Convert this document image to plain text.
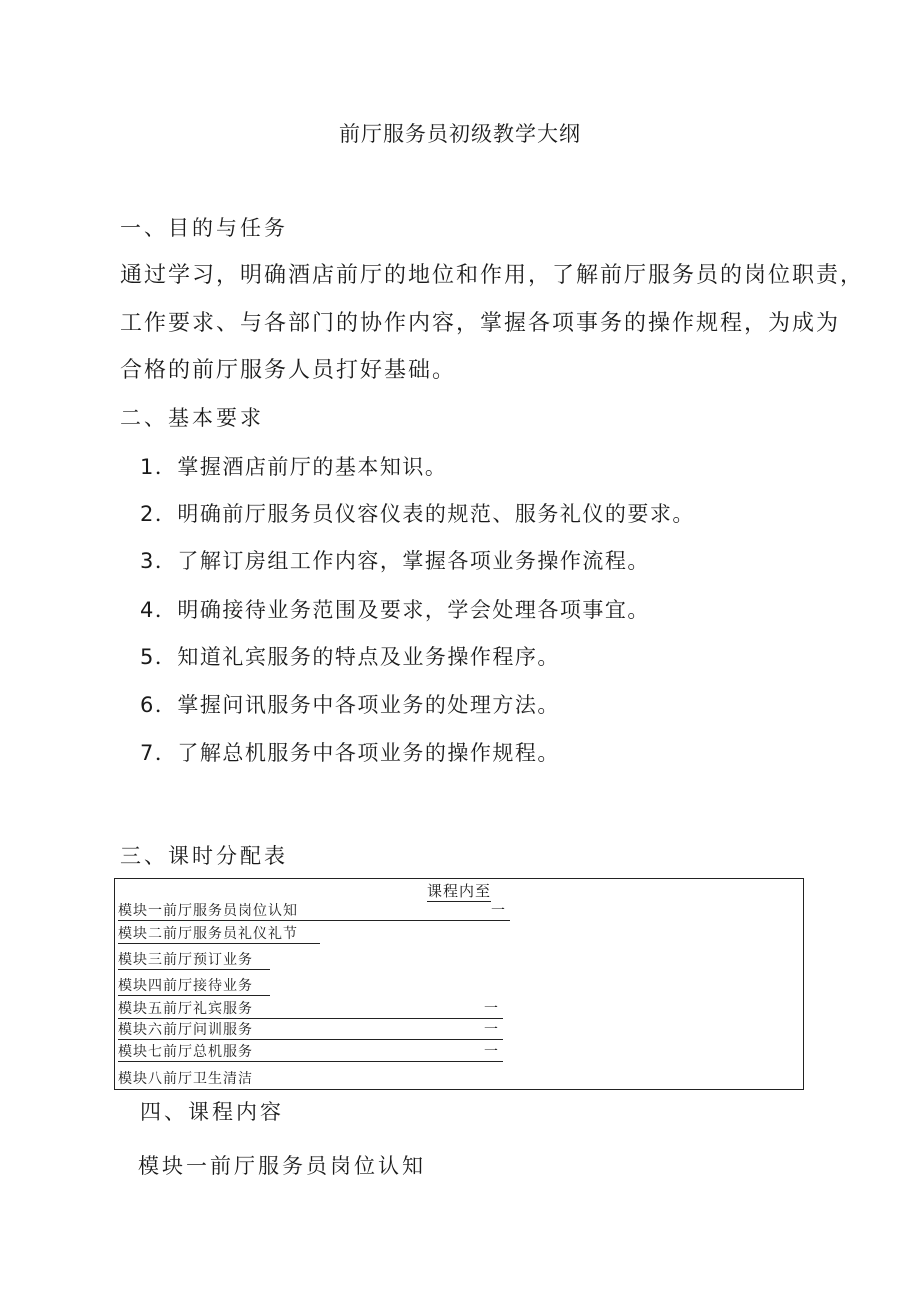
前厅服务员初级教学大纲
一、目的与任务
通过学习，明确酒店前厅的地位和作用，了解前厅服务员的岗位职责，
工作要求、与各部门的协作内容，掌握各项事务的操作规程，为成为
合格的前厅服务人员打好基础。
二、基本要求
1．掌握酒店前厅的基本知识。
2．明确前厅服务员仪容仪表的规范、服务礼仪的要求。
3．了解订房组工作内容，掌握各项业务操作流程。
4．明确接待业务范围及要求，学会处理各项事宜。
5．知道礼宾服务的特点及业务操作程序。
6．掌握问讯服务中各项业务的处理方法。
7．了解总机服务中各项业务的操作规程。
三、课时分配表
课程内至
模块一前厅服务员岗位认知	一
模块二前厅服务员礼仪礼节
模块三前厅预订业务
模块四前厅接待业务
模块五前厅礼宾服务	一
模块六前厅问训服务	一
模块七前厅总机服务	一
模块八前厅卫生清洁
四、课程内容
模块一前厅服务员岗位认知
